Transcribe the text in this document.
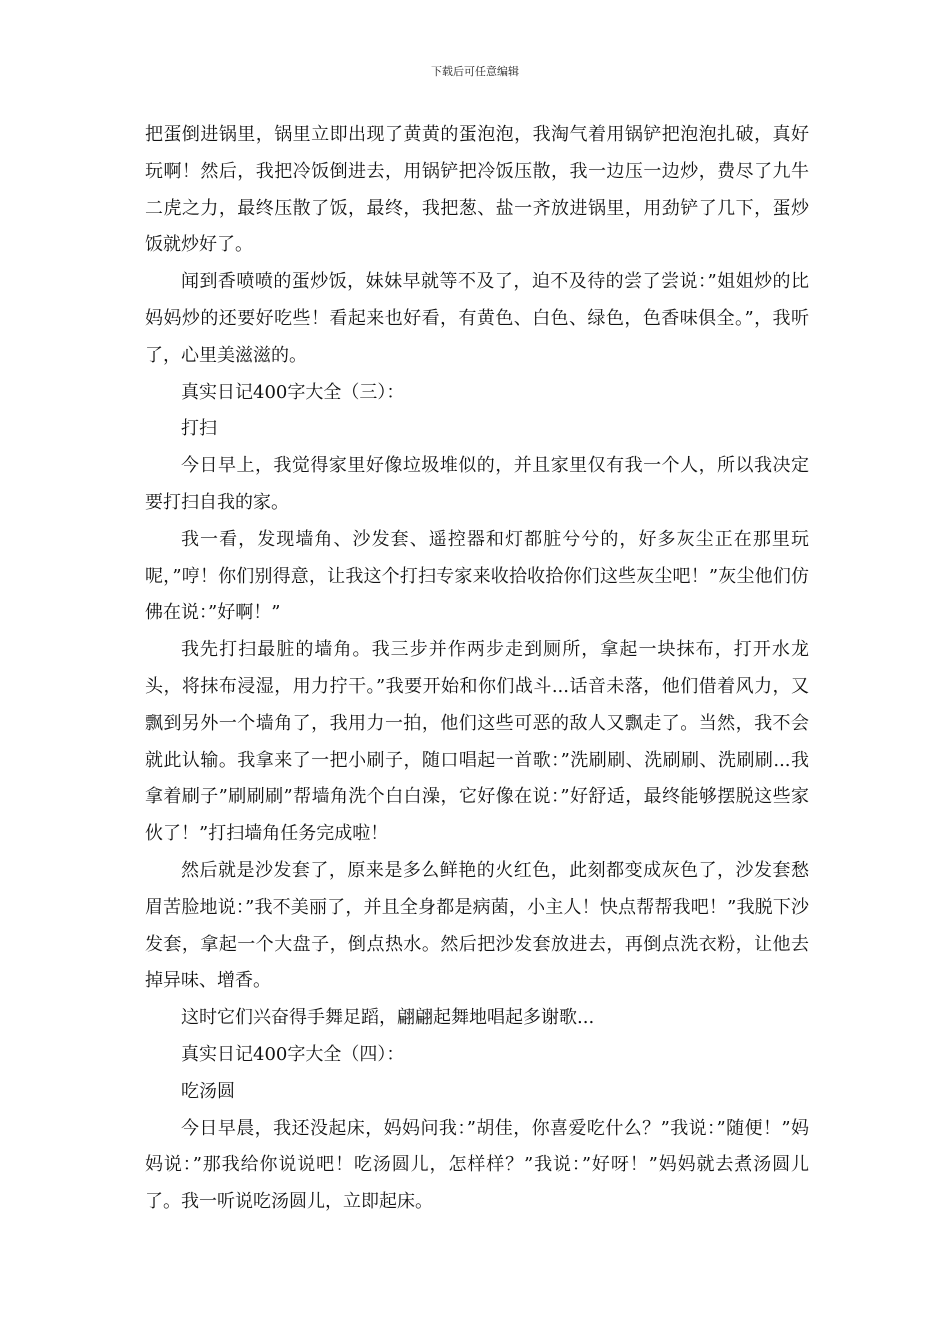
下载后可任意编辑

把蛋倒进锅里，锅里立即出现了黄黄的蛋泡泡，我淘气着用锅铲把泡泡扎破，真好玩啊！然后，我把冷饭倒进去，用锅铲把冷饭压散，我一边压一边炒，费尽了九牛二虎之力，最终压散了饭，最终，我把葱、盐一齐放进锅里，用劲铲了几下，蛋炒饭就炒好了。

闻到香喷喷的蛋炒饭，妹妹早就等不及了，迫不及待的尝了尝说：”姐姐炒的比妈妈炒的还要好吃些！看起来也好看，有黄色、白色、绿色，色香味俱全。”，我听了，心里美滋滋的。

真实日记400字大全（三）：

打扫

今日早上，我觉得家里好像垃圾堆似的，并且家里仅有我一个人，所以我决定要打扫自我的家。

我一看，发现墙角、沙发套、遥控器和灯都脏兮兮的，好多灰尘正在那里玩呢，”哼！你们别得意，让我这个打扫专家来收拾收拾你们这些灰尘吧！”灰尘他们仿佛在说：”好啊！”

我先打扫最脏的墙角。我三步并作两步走到厕所，拿起一块抹布，打开水龙头，将抹布浸湿，用力拧干。”我要开始和你们战斗...话音未落，他们借着风力，又飘到另外一个墙角了，我用力一拍，他们这些可恶的敌人又飘走了。当然，我不会就此认输。我拿来了一把小刷子，随口唱起一首歌：”洗刷刷、洗刷刷、洗刷刷...我拿着刷子”刷刷刷”帮墙角洗个白白澡，它好像在说：”好舒适，最终能够摆脱这些家伙了！”打扫墙角任务完成啦！

然后就是沙发套了，原来是多么鲜艳的火红色，此刻都变成灰色了，沙发套愁眉苦脸地说：”我不美丽了，并且全身都是病菌，小主人！快点帮帮我吧！”我脱下沙发套，拿起一个大盘子，倒点热水。然后把沙发套放进去，再倒点洗衣粉，让他去掉异味、增香。

这时它们兴奋得手舞足蹈，翩翩起舞地唱起多谢歌...

真实日记400字大全（四）：

吃汤圆

今日早晨，我还没起床，妈妈问我：”胡佳，你喜爱吃什么？”我说：”随便！”妈妈说：”那我给你说说吧！吃汤圆儿，怎样样？”我说：”好呀！”妈妈就去煮汤圆儿了。我一听说吃汤圆儿，立即起床。
